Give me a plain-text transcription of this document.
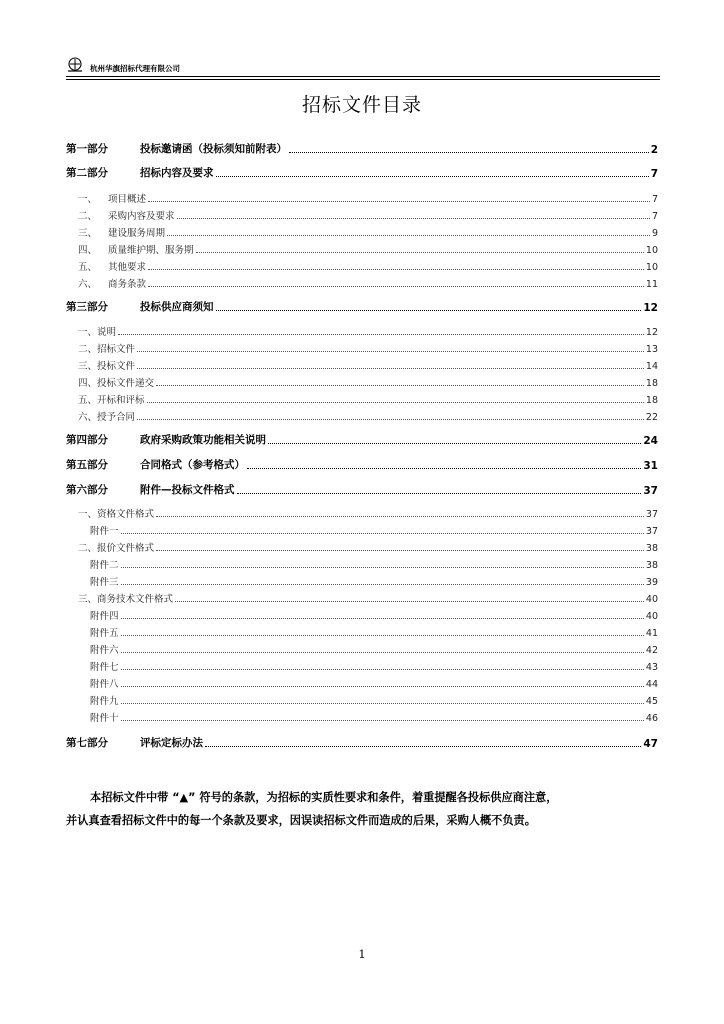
杭州华旗招标代理有限公司
招标文件目录
第一部分	投标邀请函（投标须知前附表）	2
第二部分	招标内容及要求	7
一、	项目概述	7
二、	采购内容及要求	7
三、	建设服务周期	9
四、	质量维护期、服务期	10
五、	其他要求	10
六、	商务条款	11
第三部分	投标供应商须知	12
一、说明	12
二、招标文件	13
三、投标文件	14
四、投标文件递交	18
五、开标和评标	18
六、授予合同	22
第四部分	政府采购政策功能相关说明	24
第五部分	合同格式（参考格式）	31
第六部分	附件—投标文件格式	37
一、资格文件格式	37
附件一	37
二、报价文件格式	38
附件二	38
附件三	39
三、商务技术文件格式	40
附件四	40
附件五	41
附件六	42
附件七	43
附件八	44
附件九	45
附件十	46
第七部分	评标定标办法	47

本招标文件中带 “▲” 符号的条款，为招标的实质性要求和条件，着重提醒各投标供应商注意，

并认真查看招标文件中的每一个条款及要求，因误读招标文件而造成的后果，采购人概不负责。

1
